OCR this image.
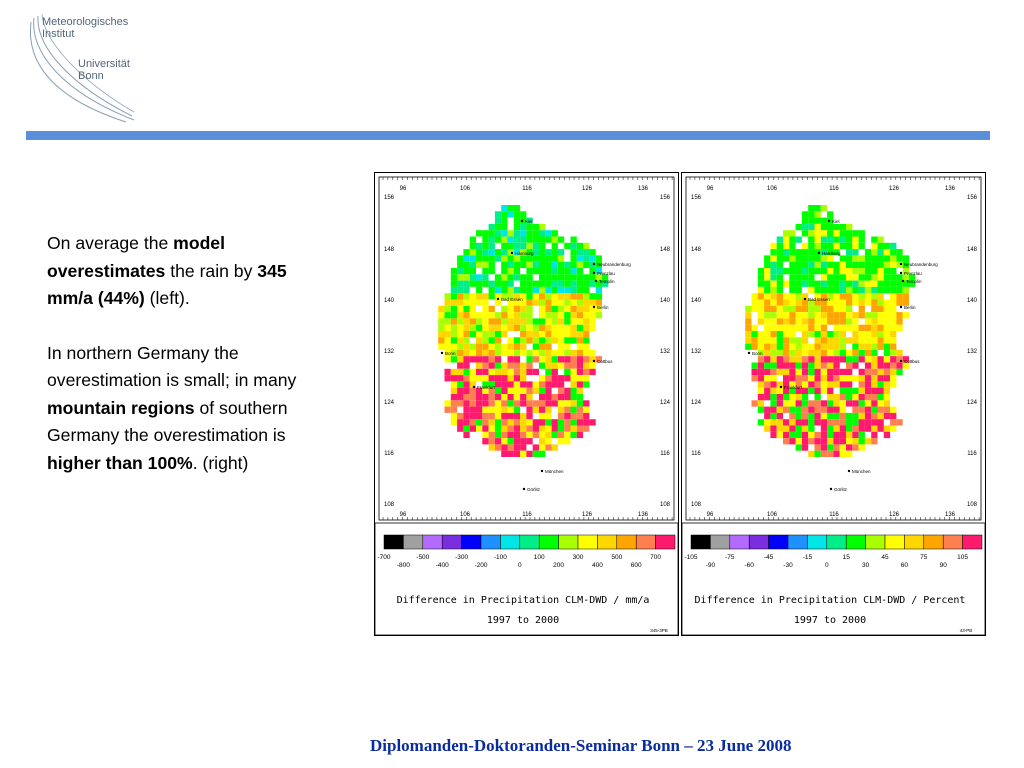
Meteorologisches
Institut
Universität
Bonn

On average the model overestimates the rain by 345 mm/a (44%) (left).

In northern Germany the overestimation is small; in many mountain regions of southern Germany the overestimation is higher than 100%. (right)

96
96
106
106
116
116
126
126
136
136
156	156
148	148
140	140
132	132
124	124
116	116
108	108
Kiel
Hamburg
Neubrandenburg
Prenzlau
Templin
Bad Essen
Berlin
Bonn
Cottbus
Frankfurt
München
Görlitz
-700	-500	-300	-100	100	300	500	700
-800	-400	-200	0	200	400	600
Difference in Precipitation CLM-DWD / mm/a
1997 to 2000
345-3PB
96
96
106
106
116
116
126
126
136
136
156	156
148	148
140	140
132	132
124	124
116	116
108	108
Kiel
Hamburg
Neubrandenburg
Prenzlau
Templin
Bad Essen
Berlin
Bonn
Cottbus
Frankfurt
München
Görlitz
-105	-75	-45	-15	15	45	75	105
-90	-60	-30	0	30	60	90
Difference in Precipitation CLM-DWD / Percent
1997 to 2000
43-PB
Diplomanden-Doktoranden-Seminar Bonn – 23 June 2008
